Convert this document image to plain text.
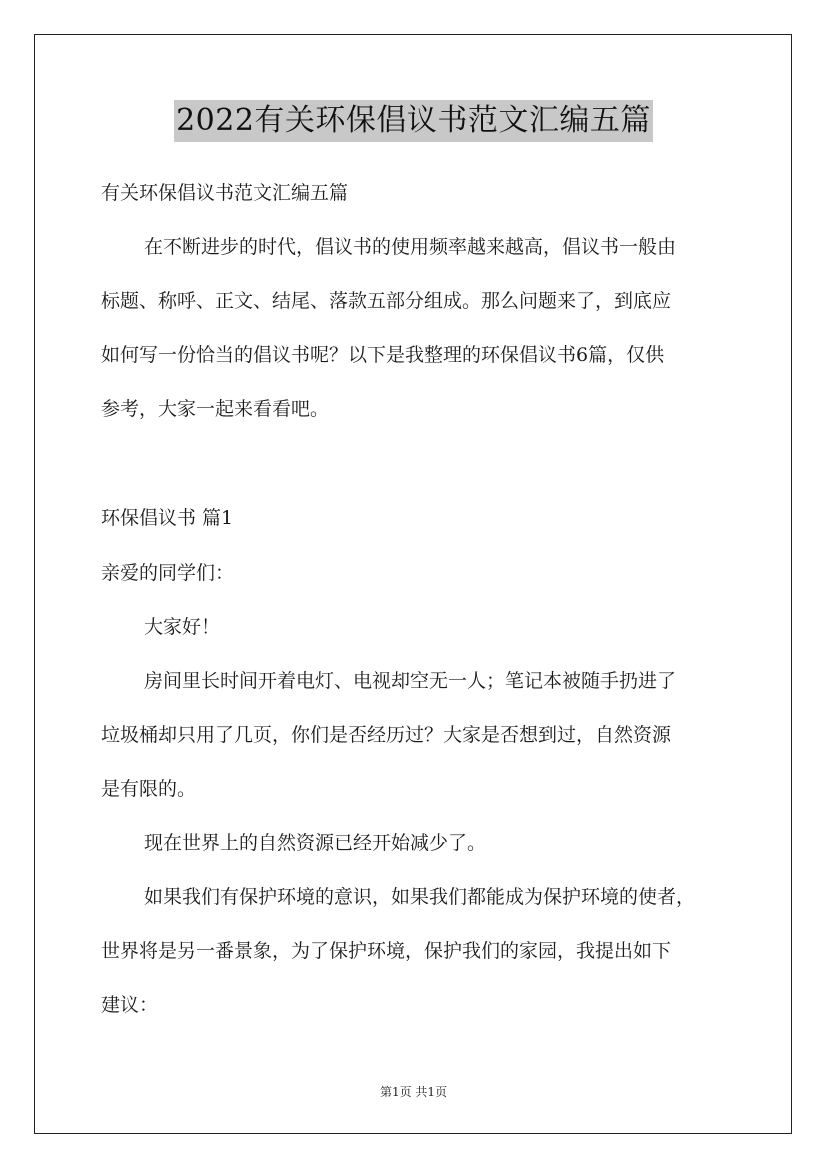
2022有关环保倡议书范文汇编五篇
有关环保倡议书范文汇编五篇
在不断进步的时代，倡议书的使用频率越来越高，倡议书一般由
标题、称呼、正文、结尾、落款五部分组成。那么问题来了，到底应
如何写一份恰当的倡议书呢？以下是我整理的环保倡议书6篇，仅供
参考，大家一起来看看吧。
环保倡议书 篇1
亲爱的同学们：
大家好！
房间里长时间开着电灯、电视却空无一人；笔记本被随手扔进了
垃圾桶却只用了几页，你们是否经历过？大家是否想到过，自然资源
是有限的。
现在世界上的自然资源已经开始减少了。
如果我们有保护环境的意识，如果我们都能成为保护环境的使者，
世界将是另一番景象，为了保护环境，保护我们的家园，我提出如下
建议：
第1页 共1页
